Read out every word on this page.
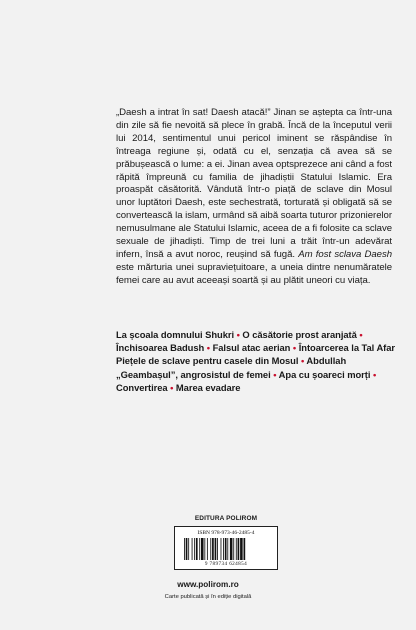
„Daesh a intrat în sat! Daesh atacă!” Jinan se aștepta ca într-una din zile să fie nevoită să plece în grabă. Încă de la începutul verii lui 2014, sentimentul unui pericol iminent se răspândise în întreaga regiune și, odată cu el, senzația că avea să se prăbușească o lume: a ei. Jinan avea optsprezece ani când a fost răpită împreună cu familia de jihadiștii Statului Islamic. Era proaspăt căsătorită. Vândută într-o piață de sclave din Mosul unor luptători Daesh, este sechestrată, torturată și obligată să se convertească la islam, urmând să aibă soarta tuturor prizonierelor nemusulmane ale Statului Islamic, aceea de a fi folosite ca sclave sexuale de jihadiști. Timp de trei luni a trăit într-un adevărat infern, însă a avut noroc, reușind să fugă. Am fost sclava Daesh este mărturia unei supraviețuitoare, a uneia dintre nenumăratele femei care au avut aceeași soartă și au plătit uneori cu viața.

La școala domnului Shukri • O căsătorie prost aranjată •
Închisoarea Badush • Falsul atac aerian • Întoarcerea la Tal Afar
Piețele de sclave pentru casele din Mosul • Abdullah „Geambașul”, angrosistul de femei • Apa cu șoareci morți •
Convertirea • Marea evadare

EDITURA POLIROM
ISBN 978-973-46-2485-4
9 789734 624854
www.polirom.ro
Carte publicată și în ediție digitală
